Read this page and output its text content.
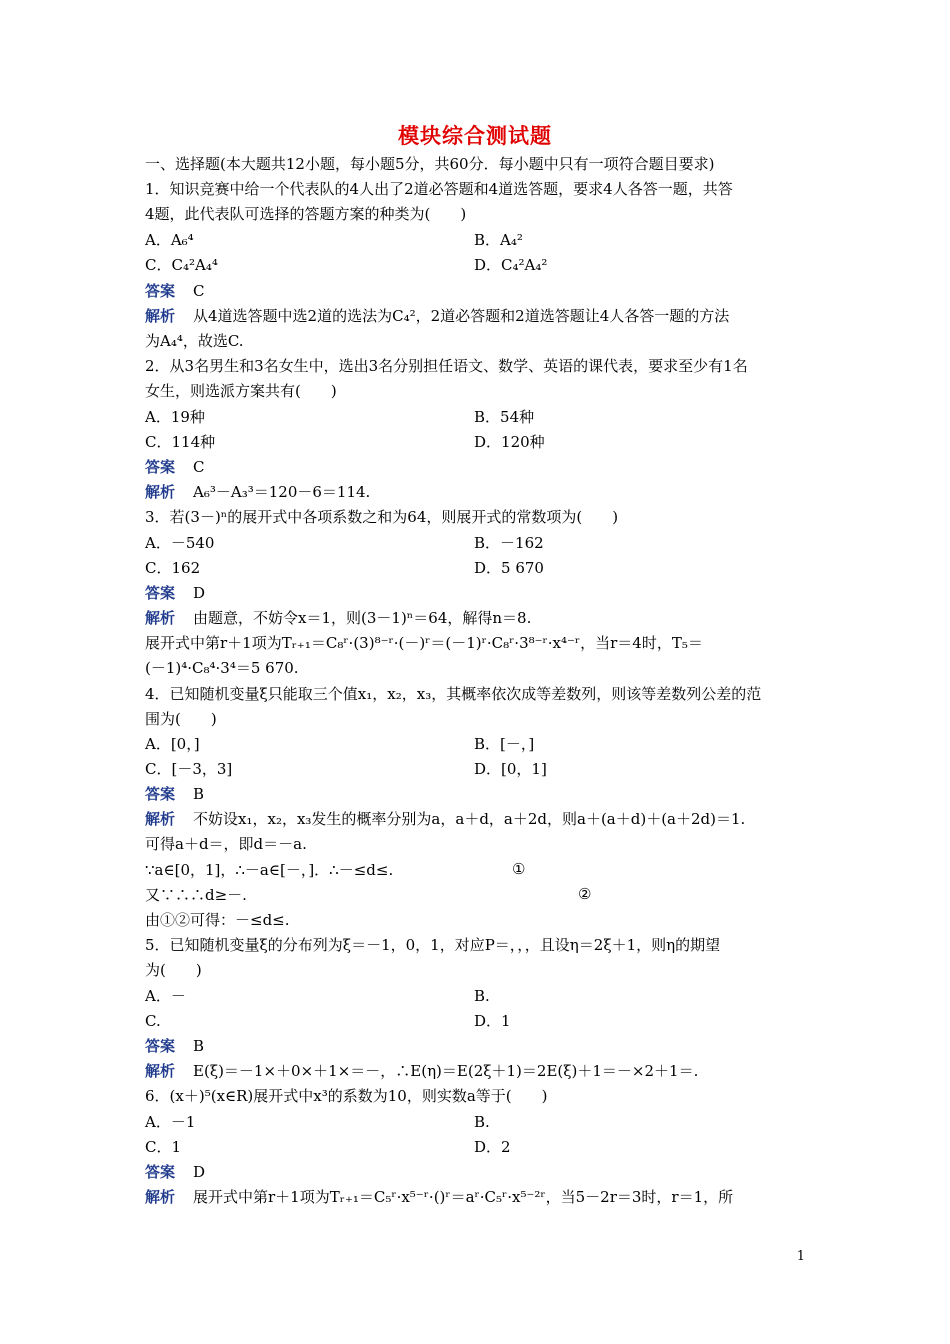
模块综合测试题
一、选择题(本大题共12小题，每小题5分，共60分．每小题中只有一项符合题目要求)
1．知识竞赛中给一个代表队的4人出了2道必答题和4道选答题，要求4人各答一题，共答
4题，此代表队可选择的答题方案的种类为(　　)
A．A₆⁴	B．A₄²
C．C₄²A₄⁴	D．C₄²A₄²
答案 C
解析 从4道选答题中选2道的选法为C₄²，2道必答题和2道选答题让4人各答一题的方法
为A₄⁴，故选C.
2．从3名男生和3名女生中，选出3名分别担任语文、数学、英语的课代表，要求至少有1名
女生，则选派方案共有(　　)
A．19种	B．54种
C．114种	D．120种
答案 C
解析 A₆³－A₃³＝120－6＝114.
3．若(3－)ⁿ的展开式中各项系数之和为64，则展开式的常数项为(　　)
A．－540	B．－162
C．162	D．5 670
答案 D
解析 由题意，不妨令x＝1，则(3－1)ⁿ＝64，解得n＝8.
展开式中第r＋1项为Tᵣ₊₁＝C₈ʳ·(3)⁸⁻ʳ·(－)ʳ＝(－1)ʳ·C₈ʳ·3⁸⁻ʳ·x⁴⁻ʳ，当r＝4时，T₅＝
(－1)⁴·C₈⁴·3⁴＝5 670.
4．已知随机变量ξ只能取三个值x₁，x₂，x₃，其概率依次成等差数列，则该等差数列公差的范
围为(　　)
A．[0，]	B．[－，]
C．[－3，3]	D．[0，1]
答案 B
解析 不妨设x₁，x₂，x₃发生的概率分别为a，a＋d，a＋2d，则a＋(a＋d)＋(a＋2d)＝1.
可得a＋d＝，即d＝－a.
∵a∈[0，1]，∴－a∈[－，]．∴－≤d≤.	①
又∵∴∴d≥－.	②
由①②可得：－≤d≤.
5．已知随机变量ξ的分布列为ξ＝－1，0，1，对应P＝，，，且设η＝2ξ＋1，则η的期望
为(　　)
A．－	B.
C.	D．1
答案 B
解析 E(ξ)＝－1×＋0×＋1×＝－，∴E(η)＝E(2ξ＋1)＝2E(ξ)＋1＝－×2＋1＝.
6．(x＋)⁵(x∈R)展开式中x³的系数为10，则实数a等于(　　)
A．－1	B.
C．1	D．2
答案 D
解析 展开式中第r＋1项为Tᵣ₊₁＝C₅ʳ·x⁵⁻ʳ·()ʳ＝aʳ·C₅ʳ·x⁵⁻²ʳ，当5－2r＝3时，r＝1，所
1
